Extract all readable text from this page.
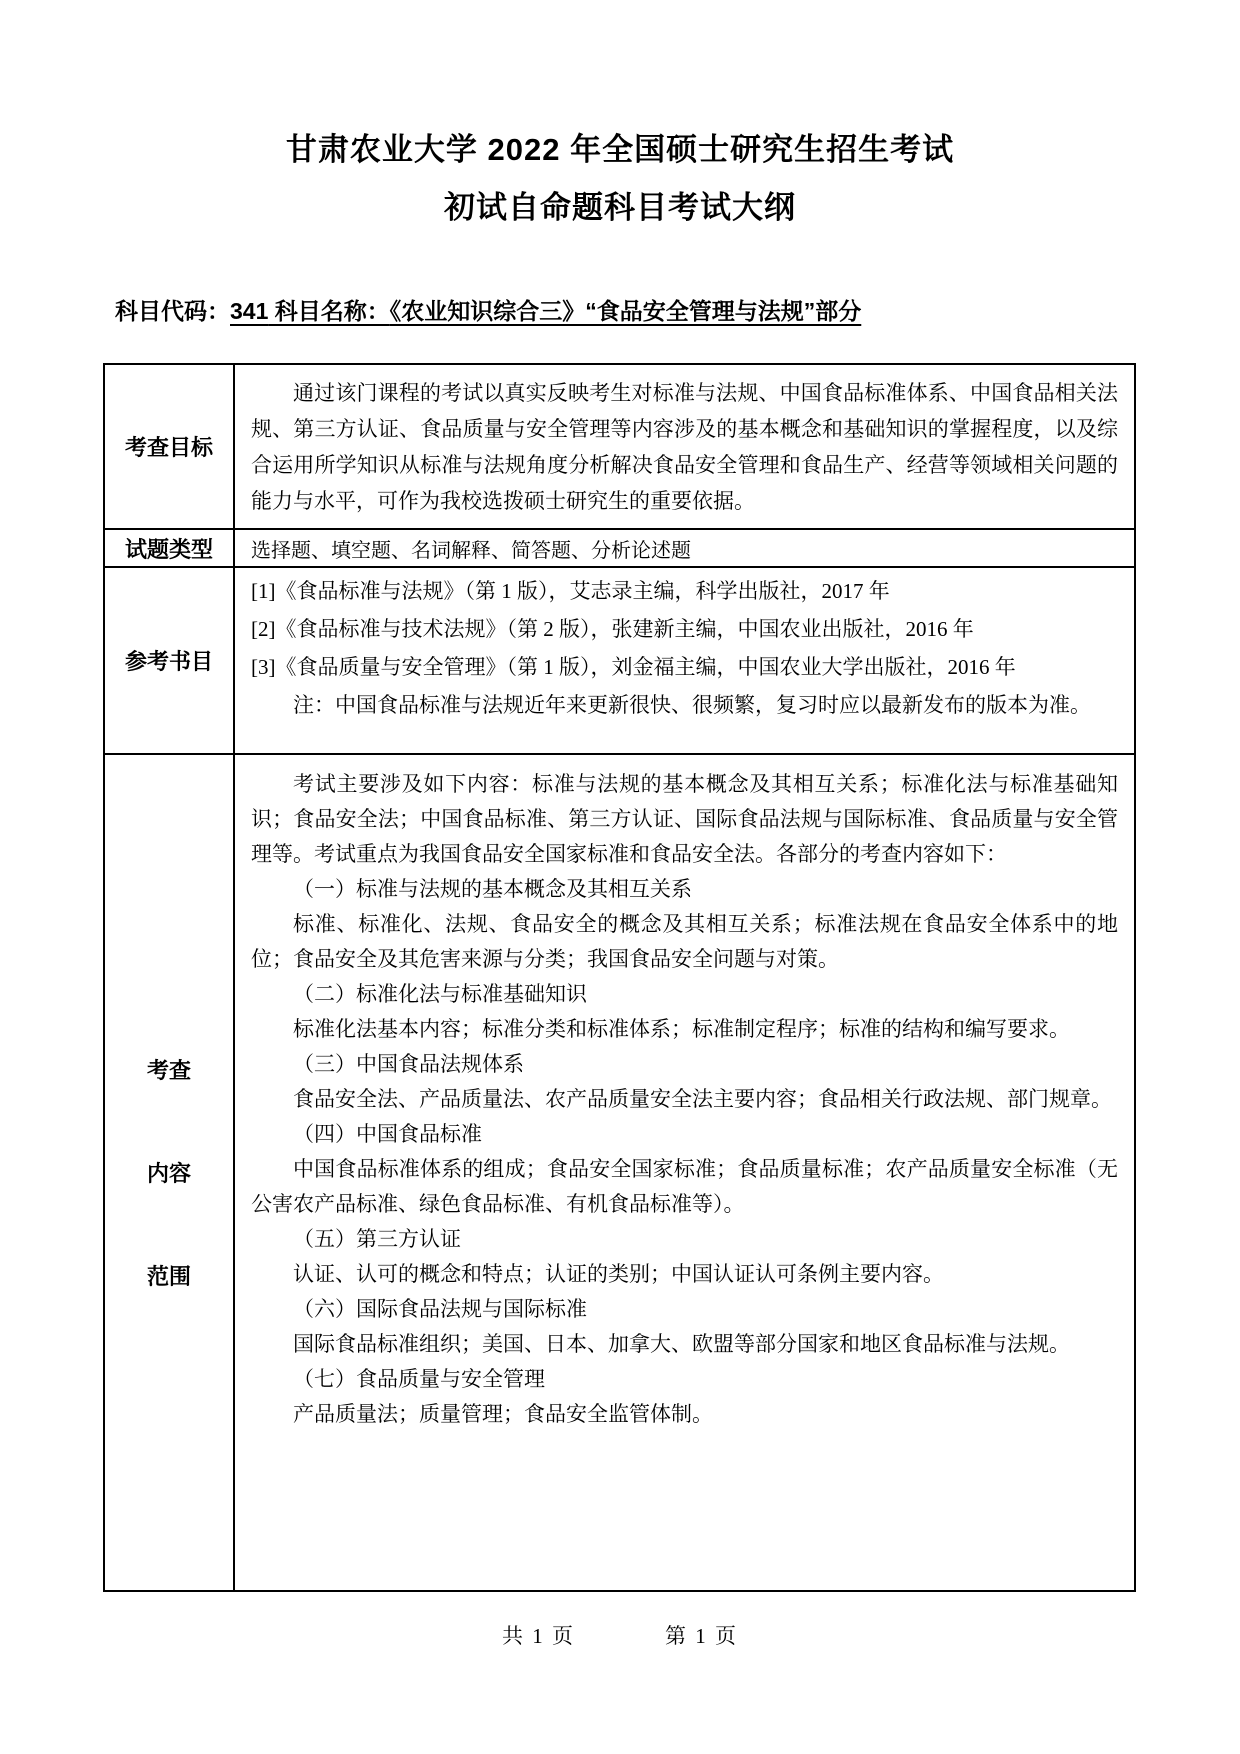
甘肃农业大学 2022 年全国硕士研究生招生考试
初试自命题科目考试大纲
科目代码：341 科目名称：《农业知识综合三》“食品安全管理与法规”部分
考查目标

通过该门课程的考试以真实反映考生对标准与法规、中国食品标准体系、中国食品相关法规、第三方认证、食品质量与安全管理等内容涉及的基本概念和基础知识的掌握程度，以及综合运用所学知识从标准与法规角度分析解决食品安全管理和食品生产、经营等领域相关问题的能力与水平，可作为我校选拨硕士研究生的重要依据。

试题类型	选择题、填空题、名词解释、简答题、分析论述题

参考书目

[1]《食品标准与法规》（第 1 版），艾志录主编，科学出版社，2017 年

[2]《食品标准与技术法规》（第 2 版），张建新主编，中国农业出版社，2016 年

[3]《食品质量与安全管理》（第 1 版），刘金福主编，中国农业大学出版社，2016 年

注：中国食品标准与法规近年来更新很快、很频繁，复习时应以最新发布的版本为准。

考查
内容
范围

考试主要涉及如下内容：标准与法规的基本概念及其相互关系；标准化法与标准基础知识；食品安全法；中国食品标准、第三方认证、国际食品法规与国际标准、食品质量与安全管理等。考试重点为我国食品安全国家标准和食品安全法。各部分的考查内容如下：

（一）标准与法规的基本概念及其相互关系

标准、标准化、法规、食品安全的概念及其相互关系；标准法规在食品安全体系中的地位；食品安全及其危害来源与分类；我国食品安全问题与对策。

（二）标准化法与标准基础知识

标准化法基本内容；标准分类和标准体系；标准制定程序；标准的结构和编写要求。

（三）中国食品法规体系

食品安全法、产品质量法、农产品质量安全法主要内容；食品相关行政法规、部门规章。

（四）中国食品标准

中国食品标准体系的组成；食品安全国家标准；食品质量标准；农产品质量安全标准（无公害农产品标准、绿色食品标准、有机食品标准等）。

（五）第三方认证

认证、认可的概念和特点；认证的类别；中国认证认可条例主要内容。

（六）国际食品法规与国际标准

国际食品标准组织；美国、日本、加拿大、欧盟等部分国家和地区食品标准与法规。

（七）食品质量与安全管理

产品质量法；质量管理；食品安全监管体制。

共 1 页	第 1 页
